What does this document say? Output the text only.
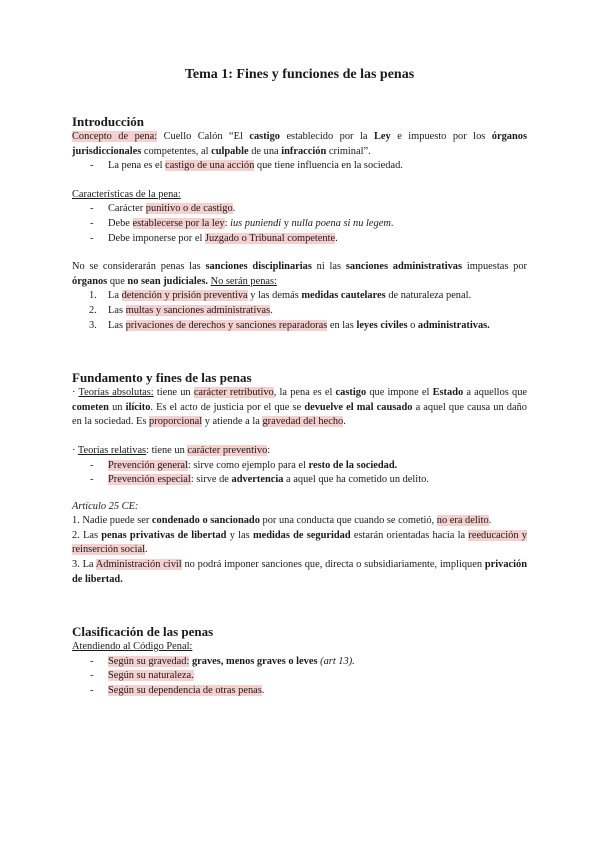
Tema 1: Fines y funciones de las penas
Introducción

Concepto de pena: Cuello Calón “El castigo establecido por la Ley e impuesto por los órganos jurisdiccionales competentes, al culpable de una infracción criminal”.

- La pena es el castigo de una acción que tiene influencia en la sociedad.

Características de la pena:

- Carácter punitivo o de castigo.
- Debe establecerse por la ley: ius puniendi y nulla poena si nu legem.
- Debe imponerse por el Juzgado o Tribunal competente.

No se considerarán penas las sanciones disciplinarias ni las sanciones administrativas impuestas por órganos que no sean judiciales. No serán penas:

1. La detención y prisión preventiva y las demás medidas cautelares de naturaleza penal.
2. Las multas y sanciones administrativas.
3. Las privaciones de derechos y sanciones reparadoras en las leyes civiles o administrativas.
Fundamento y fines de las penas

· Teorías absolutas: tiene un carácter retributivo, la pena es el castigo que impone el Estado a aquellos que cometen un ilícito. Es el acto de justicia por el que se devuelve el mal causado a aquel que causa un daño en la sociedad. Es proporcional y atiende a la gravedad del hecho.

· Teorías relativas: tiene un carácter preventivo:

- Prevención general: sirve como ejemplo para el resto de la sociedad.
- Prevención especial: sirve de advertencia a aquel que ha cometido un delito.

Artículo 25 CE:

1. Nadie puede ser condenado o sancionado por una conducta que cuando se cometió, no era delito.

2. Las penas privativas de libertad y las medidas de seguridad estarán orientadas hacia la reeducación y reinserción social.

3. La Administración civil no podrá imponer sanciones que, directa o subsidiariamente, impliquen privación de libertad.

Clasificación de las penas

Atendiendo al Código Penal:

- Según su gravedad: graves, menos graves o leves (art 13).
- Según su naturaleza.
- Según su dependencia de otras penas.
